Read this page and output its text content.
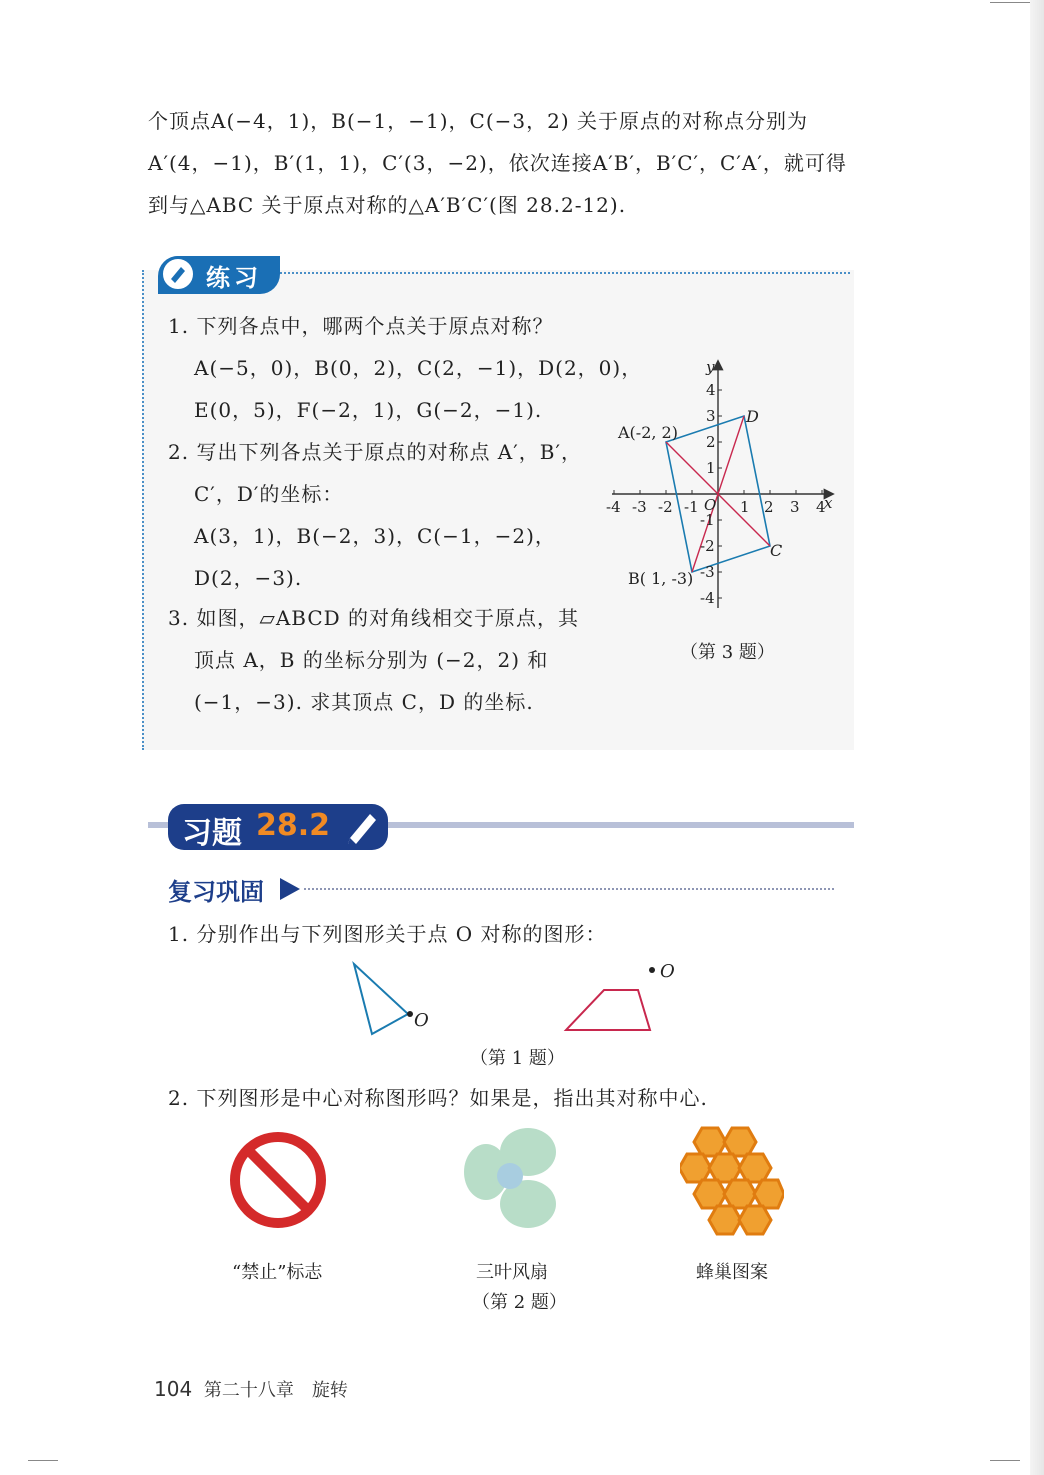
个顶点A(−4，1)，B(−1，−1)，C(−3，2) 关于原点的对称点分别为

A′(4，−1)，B′(1，1)，C′(3，−2)，依次连接A′B′，B′C′，C′A′，就可得

到与△ABC 关于原点对称的△A′B′C′(图 28.2-12).

练习
1. 下列各点中，哪两个点关于原点对称？
A(−5，0)，B(0，2)，C(2，−1)，D(2，0)，
E(0，5)，F(−2，1)，G(−2，−1).
2. 写出下列各点关于原点的对称点 A′，B′，
C′，D′的坐标：
A(3，1)，B(−2，3)，C(−1，−2)，
D(2，−3).
3. 如图，▱ABCD 的对角线相交于原点，其
顶点 A，B 的坐标分别为 (−2，2) 和
(−1，−3). 求其顶点 C，D 的坐标.
-4 -3 -2 -1	1 2 3 4
4
3
2
1
-1
-2
-3
-4
O	x
y
A(-2, 2)
D
C
B( 1, -3)
（第 3 题）
习题 28.2
复习巩固
1. 分别作出与下列图形关于点 O 对称的图形：
O
O
（第 1 题）
2. 下列图形是中心对称图形吗？如果是，指出其对称中心.
“禁止”标志	三叶风扇	蜂巢图案
（第 2 题）
104 第二十八章　旋转
